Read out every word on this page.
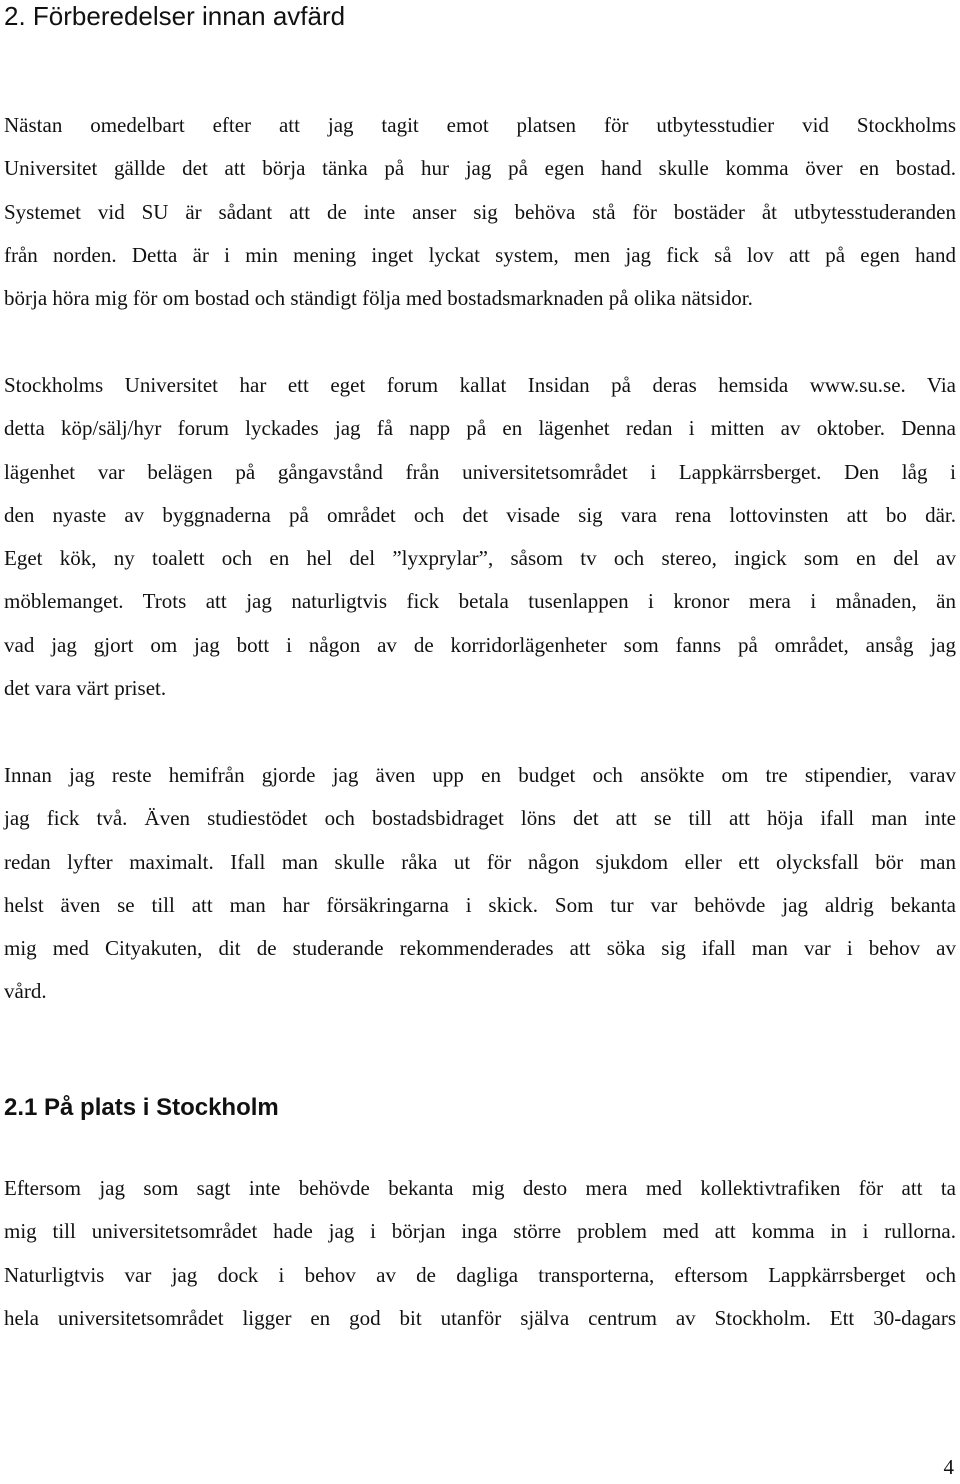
2. Förberedelser innan avfärd
Nästan omedelbart efter att jag tagit emot platsen för utbytesstudier vid Stockholms
Universitet gällde det att börja tänka på hur jag på egen hand skulle komma över en bostad.
Systemet vid SU är sådant att de inte anser sig behöva stå för bostäder åt utbytesstuderanden
från norden. Detta är i min mening inget lyckat system, men jag fick så lov att på egen hand
börja höra mig för om bostad och ständigt följa med bostadsmarknaden på olika nätsidor.
Stockholms Universitet har ett eget forum kallat Insidan på deras hemsida www.su.se. Via
detta köp/sälj/hyr forum lyckades jag få napp på en lägenhet redan i mitten av oktober. Denna
lägenhet var belägen på gångavstånd från universitetsområdet i Lappkärrsberget. Den låg i
den nyaste av byggnaderna på området och det visade sig vara rena lottovinsten att bo där.
Eget kök, ny toalett och en hel del ”lyxprylar”, såsom tv och stereo, ingick som en del av
möblemanget. Trots att jag naturligtvis fick betala tusenlappen i kronor mera i månaden, än
vad jag gjort om jag bott i någon av de korridorlägenheter som fanns på området, ansåg jag
det vara värt priset.
Innan jag reste hemifrån gjorde jag även upp en budget och ansökte om tre stipendier, varav
jag fick två. Även studiestödet och bostadsbidraget löns det att se till att höja ifall man inte
redan lyfter maximalt. Ifall man skulle råka ut för någon sjukdom eller ett olycksfall bör man
helst även se till att man har försäkringarna i skick. Som tur var behövde jag aldrig bekanta
mig med Cityakuten, dit de studerande rekommenderades att söka sig ifall man var i behov av
vård.
2.1 På plats i Stockholm
Eftersom jag som sagt inte behövde bekanta mig desto mera med kollektivtrafiken för att ta
mig till universitetsområdet hade jag i början inga större problem med att komma in i rullorna.
Naturligtvis var jag dock i behov av de dagliga transporterna, eftersom Lappkärrsberget och
hela universitetsområdet ligger en god bit utanför själva centrum av Stockholm. Ett 30-dagars
4
